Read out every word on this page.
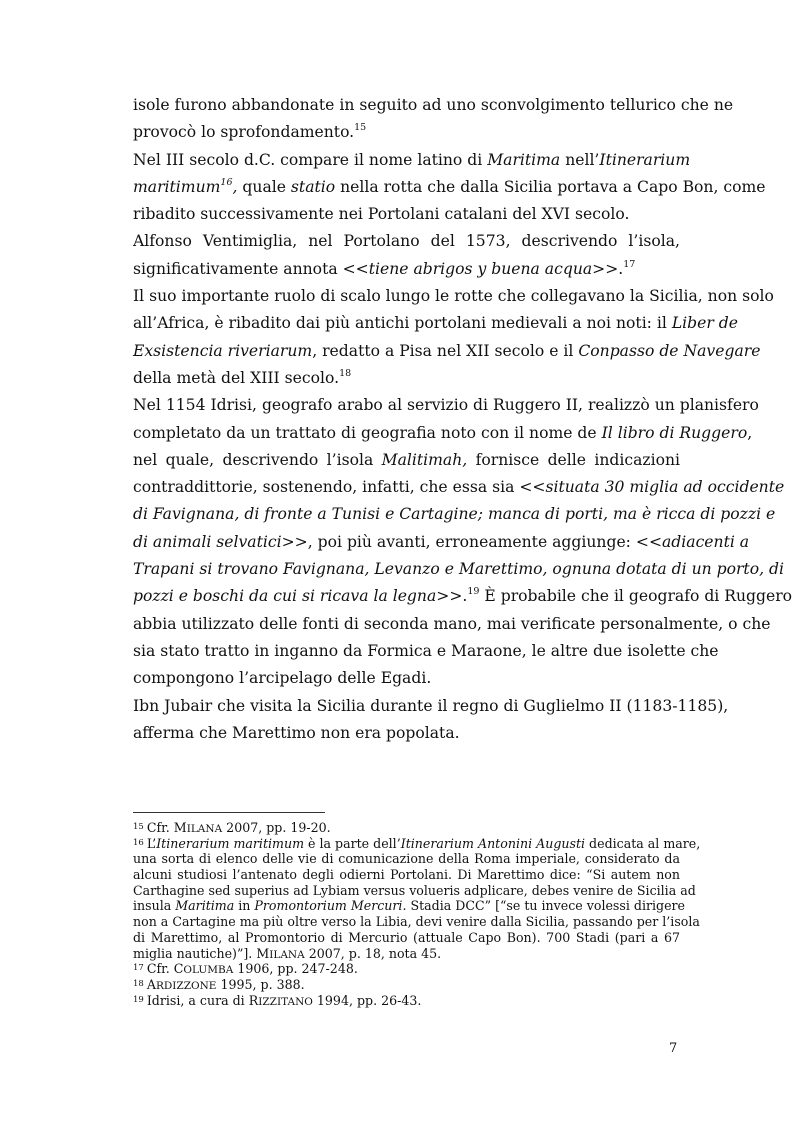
isole furono abbandonate in seguito ad uno sconvolgimento tellurico che ne
provocò lo sprofondamento.$^{15}$
Nel III secolo d.C. compare il nome latino di Maritima nell’Itinerarium
maritimum$^{16}$, quale statio nella rotta che dalla Sicilia portava a Capo Bon, come
ribadito successivamente nei Portolani catalani del XVI secolo.
Alfonso Ventimiglia, nel Portolano del 1573, descrivendo l’isola,
significativamente annota <<tiene abrigos y buena acqua>>.$^{17}$
Il suo importante ruolo di scalo lungo le rotte che collegavano la Sicilia, non solo
all’Africa, è ribadito dai più antichi portolani medievali a noi noti: il Liber de
Exsistencia riveriarum, redatto a Pisa nel XII secolo e il Conpasso de Navegare
della metà del XIII secolo.$^{18}$
Nel 1154 Idrisi, geografo arabo al servizio di Ruggero II, realizzò un planisfero
completato da un trattato di geografia noto con il nome de Il libro di Ruggero,
nel quale, descrivendo l’isola Malitimah, fornisce delle indicazioni
contraddittorie, sostenendo, infatti, che essa sia <<situata 30 miglia ad occidente
di Favignana, di fronte a Tunisi e Cartagine; manca di porti, ma è ricca di pozzi e
di animali selvatici>>, poi più avanti, erroneamente aggiunge: <<adiacenti a
Trapani si trovano Favignana, Levanzo e Marettimo, ognuna dotata di un porto, di
pozzi e boschi da cui si ricava la legna>>.$^{19}$ È probabile che il geografo di Ruggero
abbia utilizzato delle fonti di seconda mano, mai verificate personalmente, o che
sia stato tratto in inganno da Formica e Maraone, le altre due isolette che
compongono l’arcipelago delle Egadi.
Ibn Jubair che visita la Sicilia durante il regno di Guglielmo II (1183-1185),
afferma che Marettimo non era popolata.
$^{15}$ Cfr. MILANA 2007, pp. 19-20.
$^{16}$ L’Itinerarium maritimum è la parte dell’Itinerarium Antonini Augusti dedicata al mare,
una sorta di elenco delle vie di comunicazione della Roma imperiale, considerato da
alcuni studiosi l’antenato degli odierni Portolani. Di Marettimo dice: “Si autem non
Carthagine sed superius ad Lybiam versus volueris adplicare, debes venire de Sicilia ad
insula Maritima in Promontorium Mercuri. Stadia DCC” [“se tu invece volessi dirigere
non a Cartagine ma più oltre verso la Libia, devi venire dalla Sicilia, passando per l’isola
di Marettimo, al Promontorio di Mercurio (attuale Capo Bon). 700 Stadi (pari a 67
miglia nautiche)”]. MILANA 2007, p. 18, nota 45.
$^{17}$ Cfr. COLUMBA 1906, pp. 247-248.
$^{18}$ ARDIZZONE 1995, p. 388.
$^{19}$ Idrisi, a cura di RIZZITANO 1994, pp. 26-43.
7
